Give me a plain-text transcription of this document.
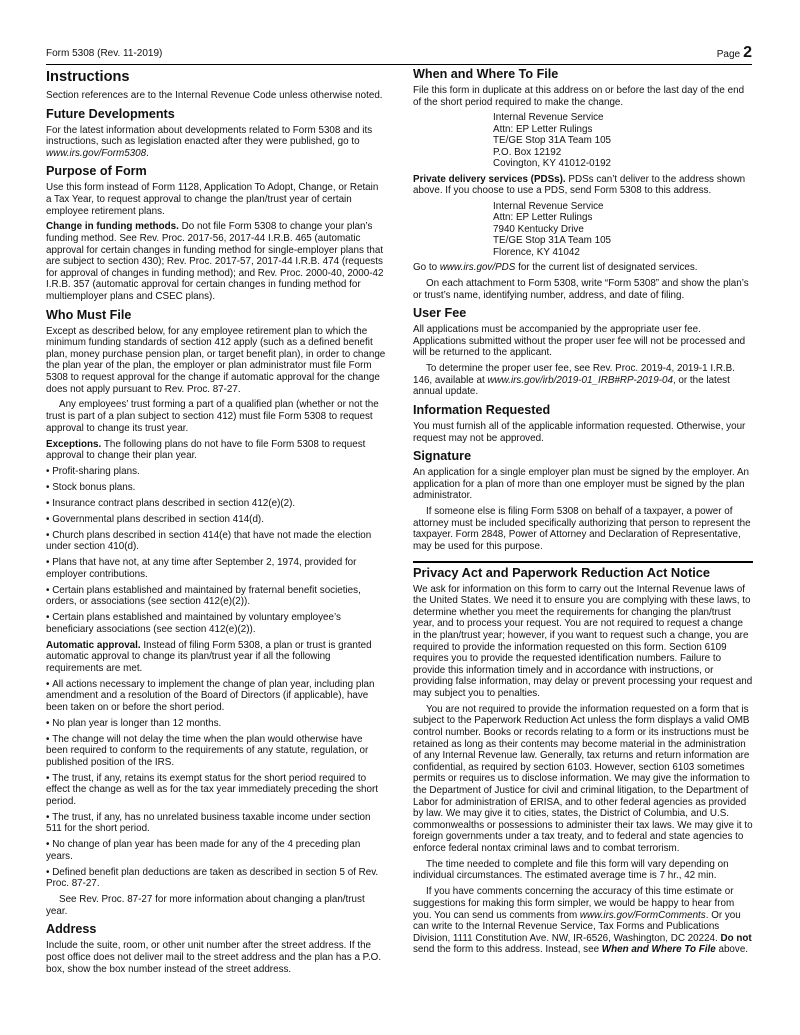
Form 5308 (Rev. 11-2019)	Page 2
Instructions

Section references are to the Internal Revenue Code unless otherwise noted.

Future Developments

For the latest information about developments related to Form 5308 and its instructions, such as legislation enacted after they were published, go to www.irs.gov/Form5308.

Purpose of Form

Use this form instead of Form 1128, Application To Adopt, Change, or Retain a Tax Year, to request approval to change the plan/trust year of certain employee retirement plans.

Change in funding methods. Do not file Form 5308 to change your plan’s funding method. See Rev. Proc. 2017-56, 2017-44 I.R.B. 465 (automatic approval for certain changes in funding method for single-employer plans that are subject to section 430); Rev. Proc. 2017-57, 2017-44 I.R.B. 474 (requests for approval of changes in funding method); and Rev. Proc. 2000-40, 2000-42 I.R.B. 357 (automatic approval for certain changes in funding method for multiemployer plans and CSEC plans).

Who Must File

Except as described below, for any employee retirement plan to which the minimum funding standards of section 412 apply (such as a defined benefit plan, money purchase pension plan, or target benefit plan), in order to change the plan year of the plan, the employer or plan administrator must file Form 5308 to request approval for the change if automatic approval for the change does not apply pursuant to Rev. Proc. 87-27.

Any employees’ trust forming a part of a qualified plan (whether or not the trust is part of a plan subject to section 412) must file Form 5308 to request approval to change its trust year.

Exceptions. The following plans do not have to file Form 5308 to request approval to change their plan year.

• Profit-sharing plans.
• Stock bonus plans.
• Insurance contract plans described in section 412(e)(2).
• Governmental plans described in section 414(d).
• Church plans described in section 414(e) that have not made the election under section 410(d).
• Plans that have not, at any time after September 2, 1974, provided for employer contributions.
• Certain plans established and maintained by fraternal benefit societies, orders, or associations (see section 412(e)(2)).
• Certain plans established and maintained by voluntary employee’s beneficiary associations (see section 412(e)(2)).

Automatic approval. Instead of filing Form 5308, a plan or trust is granted automatic approval to change its plan/trust year if all the following requirements are met.

• All actions necessary to implement the change of plan year, including plan amendment and a resolution of the Board of Directors (if applicable), have been taken on or before the short period.
• No plan year is longer than 12 months.
• The change will not delay the time when the plan would otherwise have been required to conform to the requirements of any statute, regulation, or published position of the IRS.
• The trust, if any, retains its exempt status for the short period required to effect the change as well as for the tax year immediately preceding the short period.
• The trust, if any, has no unrelated business taxable income under section 511 for the short period.
• No change of plan year has been made for any of the 4 preceding plan years.
• Defined benefit plan deductions are taken as described in section 5 of Rev. Proc. 87-27.

See Rev. Proc. 87-27 for more information about changing a plan/trust year.

Address

Include the suite, room, or other unit number after the street address. If the post office does not deliver mail to the street address and the plan has a P.O. box, show the box number instead of the street address.

When and Where To File

File this form in duplicate at this address on or before the last day of the end of the short period required to make the change.

Internal Revenue Service
Attn: EP Letter Rulings
TE/GE Stop 31A Team 105
P.O. Box 12192
Covington, KY 41012-0192

Private delivery services (PDSs). PDSs can’t deliver to the address shown above. If you choose to use a PDS, send Form 5308 to this address.

Internal Revenue Service
Attn: EP Letter Rulings
7940 Kentucky Drive
TE/GE Stop 31A Team 105
Florence, KY 41042

Go to www.irs.gov/PDS for the current list of designated services.

On each attachment to Form 5308, write “Form 5308” and show the plan’s or trust’s name, identifying number, address, and date of filing.

User Fee

All applications must be accompanied by the appropriate user fee. Applications submitted without the proper user fee will not be processed and will be returned to the applicant.

To determine the proper user fee, see Rev. Proc. 2019-4, 2019-1 I.R.B. 146, available at www.irs.gov/irb/2019-01_IRB#RP-2019-04, or the latest annual update.

Information Requested

You must furnish all of the applicable information requested. Otherwise, your request may not be approved.

Signature

An application for a single employer plan must be signed by the employer. An application for a plan of more than one employer must be signed by the plan administrator.

If someone else is filing Form 5308 on behalf of a taxpayer, a power of attorney must be included specifically authorizing that person to represent the taxpayer. Form 2848, Power of Attorney and Declaration of Representative, may be used for this purpose.

Privacy Act and Paperwork Reduction Act Notice

We ask for information on this form to carry out the Internal Revenue laws of the United States. We need it to ensure you are complying with these laws, to determine whether you meet the requirements for changing the plan/trust year, and to process your request. You are not required to request a change in the plan/trust year; however, if you want to request such a change, you are required to provide the information requested on this form. Section 6109 requires you to provide the requested identification numbers. Failure to provide this information timely and in accordance with instructions, or providing false information, may delay or prevent processing your request and may subject you to penalties.

You are not required to provide the information requested on a form that is subject to the Paperwork Reduction Act unless the form displays a valid OMB control number. Books or records relating to a form or its instructions must be retained as long as their contents may become material in the administration of any Internal Revenue law. Generally, tax returns and return information are confidential, as required by section 6103. However, section 6103 sometimes permits or requires us to disclose information. We may give the information to the Department of Justice for civil and criminal litigation, to the Department of Labor for administration of ERISA, and to other federal agencies as provided by law. We may give it to cities, states, the District of Columbia, and U.S. commonwealths or possessions to administer their tax laws. We may give it to foreign governments under a tax treaty, and to federal and state agencies to enforce federal nontax criminal laws and to combat terrorism.

The time needed to complete and file this form will vary depending on individual circumstances. The estimated average time is 7 hr., 42 min.

If you have comments concerning the accuracy of this time estimate or suggestions for making this form simpler, we would be happy to hear from you. You can send us comments from www.irs.gov/FormComments. Or you can write to the Internal Revenue Service, Tax Forms and Publications Division, 1111 Constitution Ave. NW, IR-6526, Washington, DC 20224. Do not send the form to this address. Instead, see When and Where To File above.
